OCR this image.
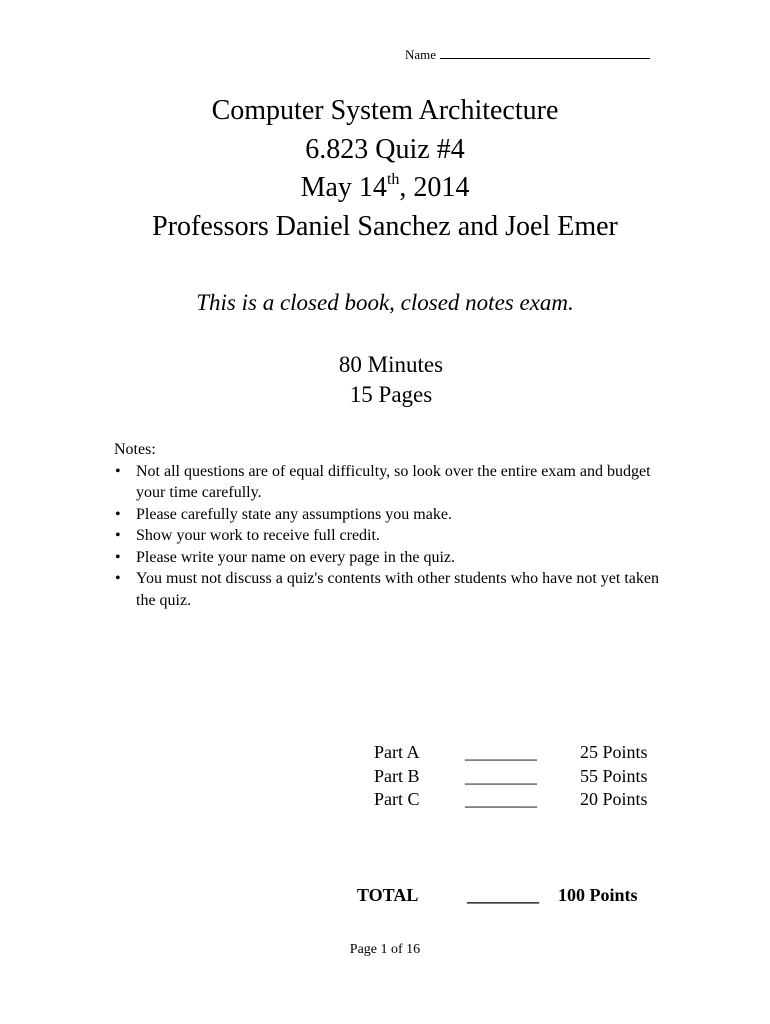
Name
Computer System Architecture
6.823 Quiz #4
May 14th, 2014
Professors Daniel Sanchez and Joel Emer
This is a closed book, closed notes exam.
80 Minutes
15 Pages
Notes:
• Not all questions are of equal difficulty, so look over the entire exam and budget your time carefully.
• Please carefully state any assumptions you make.
• Show your work to receive full credit.
• Please write your name on every page in the quiz.
• You must not discuss a quiz's contents with other students who have not yet taken the quiz.
Part A	________ 25 Points
Part B	________ 55 Points
Part C	________ 20 Points
TOTAL	________ 100 Points
Page 1 of 16
